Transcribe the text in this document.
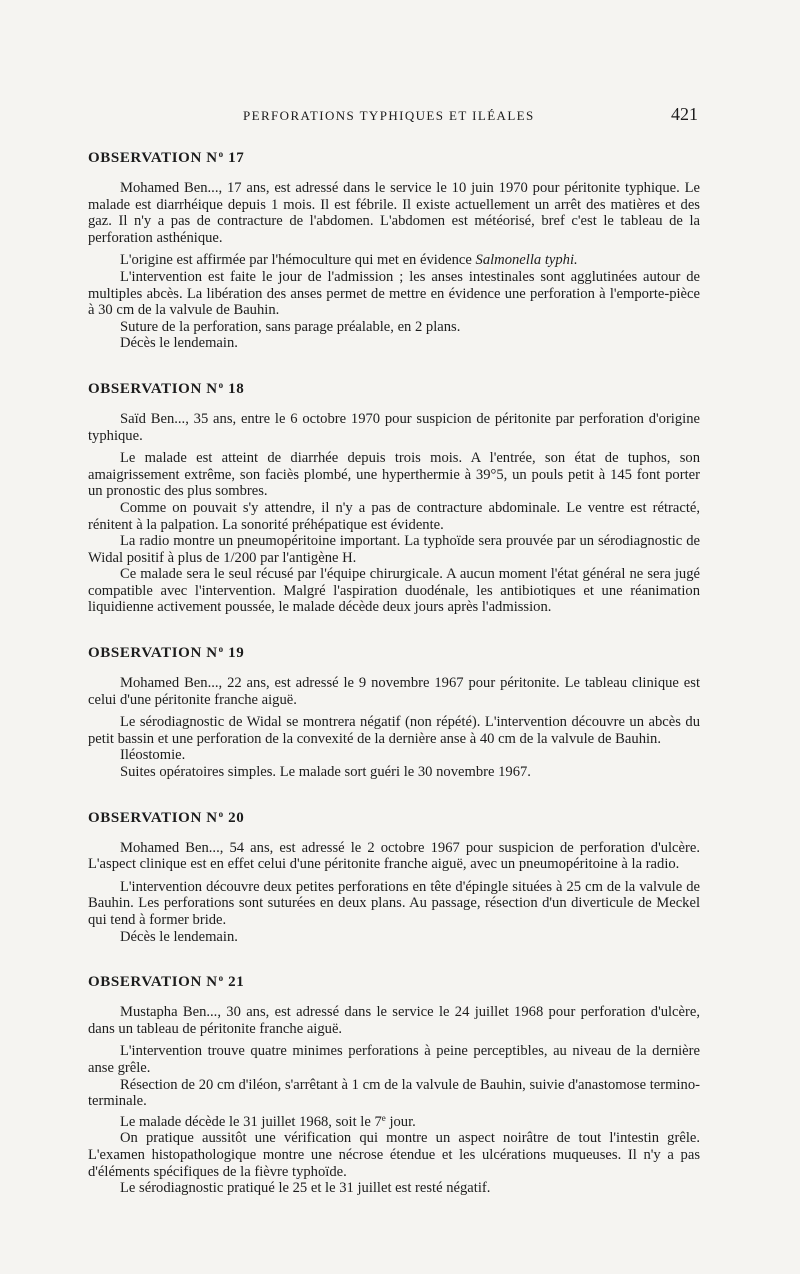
PERFORATIONS TYPHIQUES ET ILÉALES	421
OBSERVATION $N^o$ 17

Mohamed Ben..., 17 ans, est adressé dans le service le 10 juin 1970 pour péritonite typhique. Le malade est diarrhéique depuis 1 mois. Il est fébrile. Il existe actuellement un arrêt des matières et des gaz. Il n'y a pas de contracture de l'abdomen. L'abdomen est météorisé, bref c'est le tableau de la perforation asthénique.

L'origine est affirmée par l'hémoculture qui met en évidence Salmonella typhi.

L'intervention est faite le jour de l'admission ; les anses intestinales sont agglutinées autour de multiples abcès. La libération des anses permet de mettre en évidence une perforation à l'emporte-pièce à 30 cm de la valvule de Bauhin.

Suture de la perforation, sans parage préalable, en 2 plans.

Décès le lendemain.

OBSERVATION $N^o$ 18

Saïd Ben..., 35 ans, entre le 6 octobre 1970 pour suspicion de péritonite par perforation d'origine typhique.

Le malade est atteint de diarrhée depuis trois mois. A l'entrée, son état de tuphos, son amaigrissement extrême, son faciès plombé, une hyperthermie à 39°5, un pouls petit à 145 font porter un pronostic des plus sombres.

Comme on pouvait s'y attendre, il n'y a pas de contracture abdominale. Le ventre est rétracté, rénitent à la palpation. La sonorité préhépatique est évidente.

La radio montre un pneumopéritoine important. La typhoïde sera prouvée par un sérodiagnostic de Widal positif à plus de 1/200 par l'antigène H.

Ce malade sera le seul récusé par l'équipe chirurgicale. A aucun moment l'état général ne sera jugé compatible avec l'intervention. Malgré l'aspiration duodénale, les antibiotiques et une réanimation liquidienne activement poussée, le malade décède deux jours après l'admission.

OBSERVATION $N^o$ 19

Mohamed Ben..., 22 ans, est adressé le 9 novembre 1967 pour péritonite. Le tableau clinique est celui d'une péritonite franche aiguë.

Le sérodiagnostic de Widal se montrera négatif (non répété). L'intervention découvre un abcès du petit bassin et une perforation de la convexité de la dernière anse à 40 cm de la valvule de Bauhin.

Iléostomie.

Suites opératoires simples. Le malade sort guéri le 30 novembre 1967.

OBSERVATION $N^o$ 20

Mohamed Ben..., 54 ans, est adressé le 2 octobre 1967 pour suspicion de perforation d'ulcère. L'aspect clinique est en effet celui d'une péritonite franche aiguë, avec un pneumopéritoine à la radio.

L'intervention découvre deux petites perforations en tête d'épingle situées à 25 cm de la valvule de Bauhin. Les perforations sont suturées en deux plans. Au passage, résection d'un diverticule de Meckel qui tend à former bride.

Décès le lendemain.

OBSERVATION $N^o$ 21

Mustapha Ben..., 30 ans, est adressé dans le service le 24 juillet 1968 pour perforation d'ulcère, dans un tableau de péritonite franche aiguë.

L'intervention trouve quatre minimes perforations à peine perceptibles, au niveau de la dernière anse grêle.

Résection de 20 cm d'iléon, s'arrêtant à 1 cm de la valvule de Bauhin, suivie d'anastomose termino-terminale.

Le malade décède le 31 juillet 1968, soit le 7e jour.

On pratique aussitôt une vérification qui montre un aspect noirâtre de tout l'intestin grêle. L'examen histopathologique montre une nécrose étendue et les ulcérations muqueuses. Il n'y a pas d'éléments spécifiques de la fièvre typhoïde.

Le sérodiagnostic pratiqué le 25 et le 31 juillet est resté négatif.
